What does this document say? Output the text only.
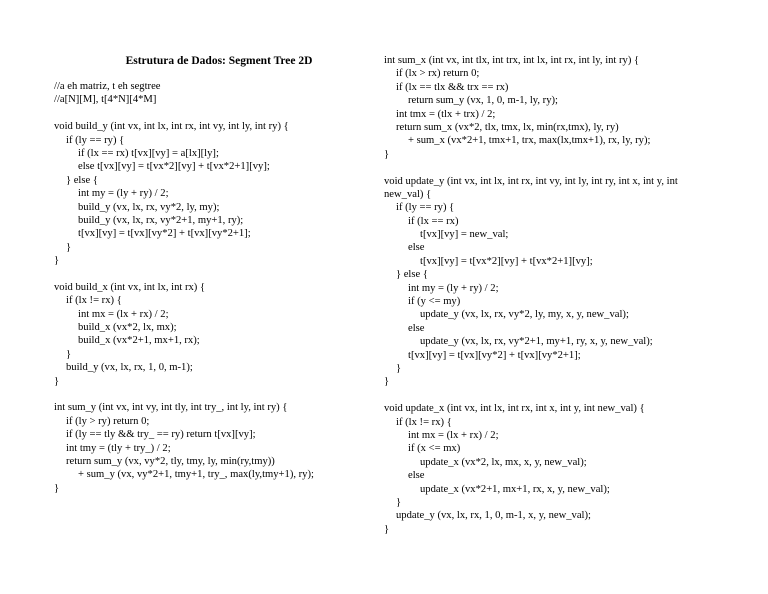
Estrutura de Dados: Segment Tree 2D
//a eh matriz, t eh segtree
//a[N][M], t[4*N][4*M]
void build_y (int vx, int lx, int rx, int vy, int ly, int ry) {
if (ly == ry) {
if (lx == rx) t[vx][vy] = a[lx][ly];
else t[vx][vy] = t[vx*2][vy] + t[vx*2+1][vy];
} else {
int my = (ly + ry) / 2;
build_y (vx, lx, rx, vy*2, ly, my);
build_y (vx, lx, rx, vy*2+1, my+1, ry);
t[vx][vy] = t[vx][vy*2] + t[vx][vy*2+1];
}
}
void build_x (int vx, int lx, int rx) {
if (lx != rx) {
int mx = (lx + rx) / 2;
build_x (vx*2, lx, mx);
build_x (vx*2+1, mx+1, rx);
}
build_y (vx, lx, rx, 1, 0, m-1);
}
int sum_y (int vx, int vy, int tly, int try_, int ly, int ry) {
if (ly > ry) return 0;
if (ly == tly && try_ == ry) return t[vx][vy];
int tmy = (tly + try_) / 2;
return sum_y (vx, vy*2, tly, tmy, ly, min(ry,tmy))
+ sum_y (vx, vy*2+1, tmy+1, try_, max(ly,tmy+1), ry);
}
int sum_x (int vx, int tlx, int trx, int lx, int rx, int ly, int ry) {
if (lx > rx) return 0;
if (lx == tlx && trx == rx)
return sum_y (vx, 1, 0, m-1, ly, ry);
int tmx = (tlx + trx) / 2;
return sum_x (vx*2, tlx, tmx, lx, min(rx,tmx), ly, ry)
+ sum_x (vx*2+1, tmx+1, trx, max(lx,tmx+1), rx, ly, ry);
}
void update_y (int vx, int lx, int rx, int vy, int ly, int ry, int x, int y, int
new_val) {
if (ly == ry) {
if (lx == rx)
t[vx][vy] = new_val;
else
t[vx][vy] = t[vx*2][vy] + t[vx*2+1][vy];
} else {
int my = (ly + ry) / 2;
if (y <= my)
update_y (vx, lx, rx, vy*2, ly, my, x, y, new_val);
else
update_y (vx, lx, rx, vy*2+1, my+1, ry, x, y, new_val);
t[vx][vy] = t[vx][vy*2] + t[vx][vy*2+1];
}
}
void update_x (int vx, int lx, int rx, int x, int y, int new_val) {
if (lx != rx) {
int mx = (lx + rx) / 2;
if (x <= mx)
update_x (vx*2, lx, mx, x, y, new_val);
else
update_x (vx*2+1, mx+1, rx, x, y, new_val);
}
update_y (vx, lx, rx, 1, 0, m-1, x, y, new_val);
}
